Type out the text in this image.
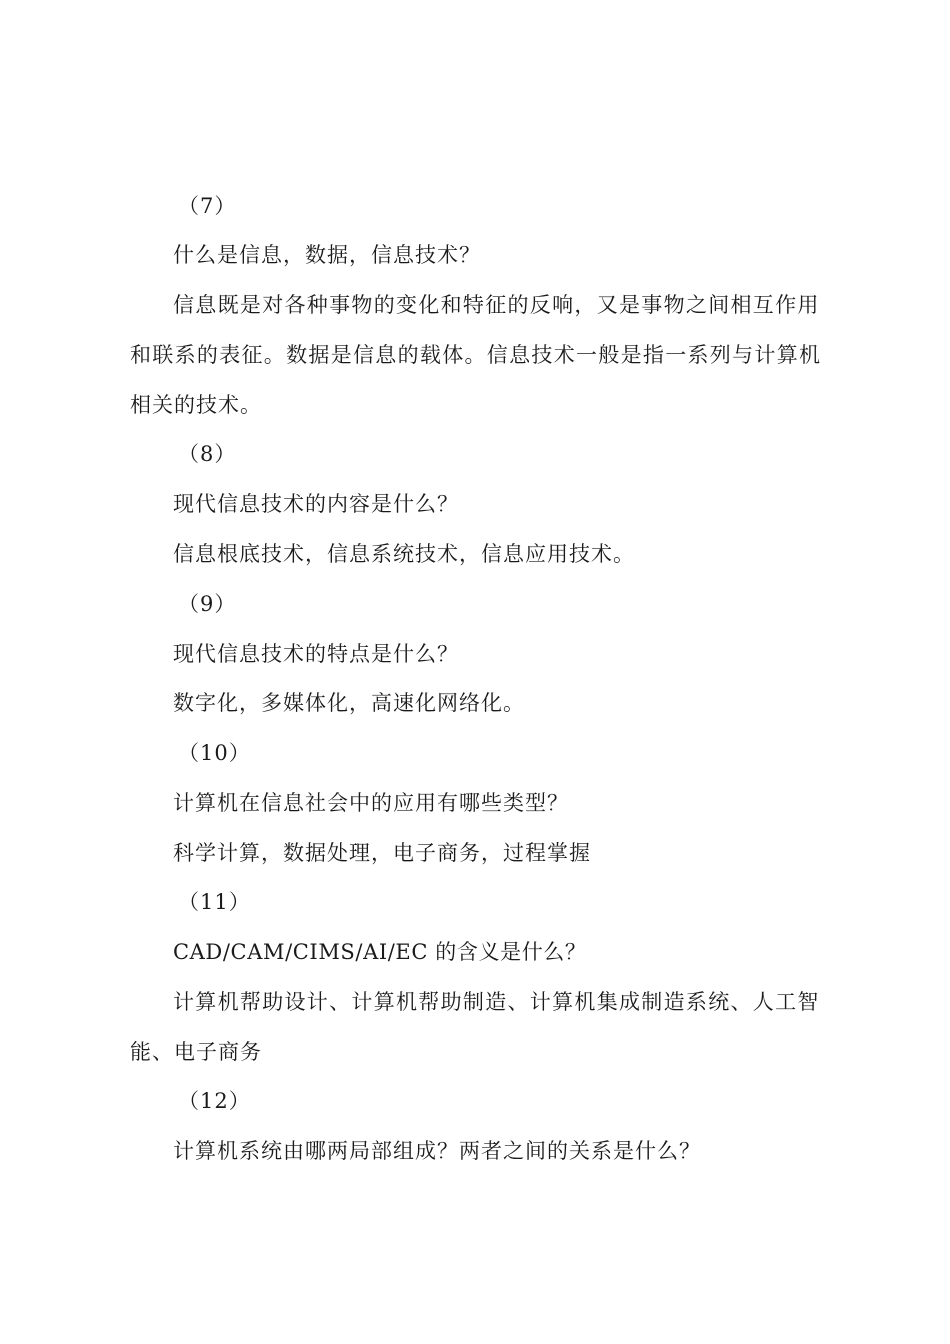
（7）
什么是信息，数据，信息技术？
信息既是对各种事物的变化和特征的反响，又是事物之间相互作用
和联系的表征。数据是信息的载体。信息技术一般是指一系列与计算机
相关的技术。
（8）
现代信息技术的内容是什么？
信息根底技术，信息系统技术，信息应用技术。
（9）
现代信息技术的特点是什么？
数字化，多媒体化，高速化网络化。
（10）
计算机在信息社会中的应用有哪些类型？
科学计算，数据处理，电子商务，过程掌握
（11）
CAD/CAM/CIMS/AI/EC 的含义是什么？
计算机帮助设计、计算机帮助制造、计算机集成制造系统、人工智
能、电子商务
（12）
计算机系统由哪两局部组成？两者之间的关系是什么？
